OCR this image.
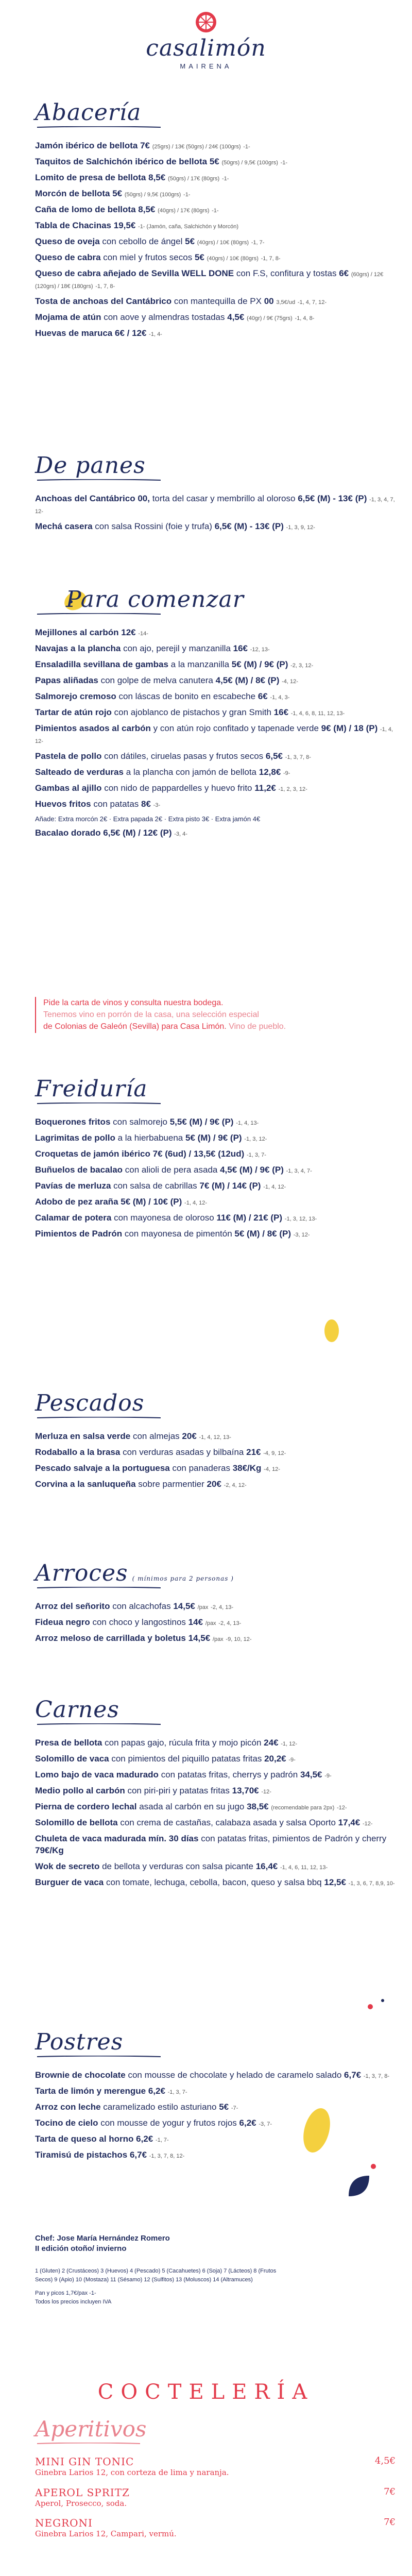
casalimón
MAIRENA
Abacería
Jamón ibérico de bellota 7€ (25grs) / 13€ (50grs) / 24€ (100grs) -1-
Taquitos de Salchichón ibérico de bellota 5€ (50grs) / 9,5€ (100grs) -1-
Lomito de presa de bellota 8,5€ (50grs) / 17€ (80grs) -1-
Morcón de bellota 5€ (50grs) / 9,5€ (100grs) -1-
Caña de lomo de bellota 8,5€ (40grs) / 17€ (80grs) -1-
Tabla de Chacinas 19,5€ -1- (Jamón, caña, Salchichón y Morcón)
Queso de oveja con cebollo de ángel 5€ (40grs) / 10€ (80grs) -1, 7-
Queso de cabra con miel y frutos secos 5€ (40grs) / 10€ (80grs) -1, 7, 8-
Queso de cabra añejado de Sevilla WELL DONE con F.S, confitura y tostas 6€ (60grs) / 12€ (120grs) / 18€ (180grs) -1, 7, 8-
Tosta de anchoas del Cantábrico con mantequilla de PX 00 3,5€/ud -1, 4, 7, 12-
Mojama de atún con aove y almendras tostadas 4,5€ (40gr) / 9€ (75grs) -1, 4, 8-
Huevas de maruca 6€ / 12€ -1, 4-
De panes
Anchoas del Cantábrico 00, torta del casar y membrillo al oloroso 6,5€ (M) - 13€ (P) -1, 3, 4, 7, 12-
Mechá casera con salsa Rossini (foie y trufa) 6,5€ (M) - 13€ (P) -1, 3, 9, 12-
Para comenzar
Mejillones al carbón 12€ -14-
Navajas a la plancha con ajo, perejil y manzanilla 16€ -12, 13-
Ensaladilla sevillana de gambas a la manzanilla 5€ (M) / 9€ (P) -2, 3, 12-
Papas aliñadas con golpe de melva canutera 4,5€ (M) / 8€ (P) -4, 12-
Salmorejo cremoso con láscas de bonito en escabeche 6€ -1, 4, 3-
Tartar de atún rojo con ajoblanco de pistachos y gran Smith 16€ -1, 4, 6, 8, 11, 12, 13-
Pimientos asados al carbón y con atún rojo confitado y tapenade verde 9€ (M) / 18 (P) -1, 4, 12-
Pastela de pollo con dátiles, ciruelas pasas y frutos secos 6,5€ -1, 3, 7, 8-
Salteado de verduras a la plancha con jamón de bellota 12,8€ -9-
Gambas al ajillo con nido de pappardelles y huevo frito 11,2€ -1, 2, 3, 12-
Huevos fritos con patatas 8€ -3-
Añade: Extra morcón 2€ · Extra papada 2€ · Extra pisto 3€ · Extra jamón 4€
Bacalao dorado 6,5€ (M) / 12€ (P) -3, 4-

Pide la carta de vinos y consulta nuestra bodega.

Tenemos vino en porrón de la casa, una selección especial

de Colonias de Galeón (Sevilla) para Casa Limón. Vino de pueblo.

Freiduría
Boquerones fritos con salmorejo 5,5€ (M) / 9€ (P) -1, 4, 13-
Lagrimitas de pollo a la hierbabuena 5€ (M) / 9€ (P) -1, 3, 12-
Croquetas de jamón ibérico 7€ (6ud) / 13,5€ (12ud) -1, 3, 7-
Buñuelos de bacalao con alioli de pera asada 4,5€ (M) / 9€ (P) -1, 3, 4, 7-
Pavías de merluza con salsa de cabrillas 7€ (M) / 14€ (P) -1, 4, 12-
Adobo de pez araña 5€ (M) / 10€ (P) -1, 4, 12-
Calamar de potera con mayonesa de oloroso 11€ (M) / 21€ (P) -1, 3, 12, 13-
Pimientos de Padrón con mayonesa de pimentón 5€ (M) / 8€ (P) -3, 12-
Pescados
Merluza en salsa verde con almejas 20€ -1, 4, 12, 13-
Rodaballo a la brasa con verduras asadas y bilbaína 21€ -4, 9, 12-
Pescado salvaje a la portuguesa con panaderas 38€/Kg -4, 12-
Corvina a la sanluqueña sobre parmentier 20€ -2, 4, 12-
Arroces ( mínimos para 2 personas )
Arroz del señorito con alcachofas 14,5€ /pax -2, 4, 13-
Fideua negro con choco y langostinos 14€ /pax -2, 4, 13-
Arroz meloso de carrillada y boletus 14,5€ /pax -9, 10, 12-
Carnes
Presa de bellota con papas gajo, rúcula frita y mojo picón 24€ -1, 12-
Solomillo de vaca con pimientos del piquillo patatas fritas 20,2€ -9-
Lomo bajo de vaca madurado con patatas fritas, cherrys y padrón 34,5€ -9-
Medio pollo al carbón con piri-piri y patatas fritas 13,70€ -12-
Pierna de cordero lechal asada al carbón en su jugo 38,5€ (recomendable para 2px) -12-
Solomillo de bellota con crema de castañas, calabaza asada y salsa Oporto 17,4€ -12-
Chuleta de vaca madurada mín. 30 días con patatas fritas, pimientos de Padrón y cherry 79€/Kg
Wok de secreto de bellota y verduras con salsa picante 16,4€ -1, 4, 6, 11, 12, 13-
Burguer de vaca con tomate, lechuga, cebolla, bacon, queso y salsa bbq 12,5€ -1, 3, 6, 7, 8,9, 10-
Postres
Brownie de chocolate con mousse de chocolate y helado de caramelo salado 6,7€ -1, 3, 7, 8-
Tarta de limón y merengue 6,2€ -1, 3, 7-
Arroz con leche caramelizado estilo asturiano 5€ -7-
Tocino de cielo con mousse de yogur y frutos rojos 6,2€ -3, 7-
Tarta de queso al horno 6,2€ -1, 7-
Tiramisú de pistachos 6,7€ -1, 3, 7, 8, 12-
Chef: Jose María Hernández Romero
II edición otoño/ invierno
1 (Gluten) 2 (Crustáceos) 3 (Huevos) 4 (Pescado) 5 (Cacahuetes) 6 (Soja) 7 (Lácteos) 8 (Frutos Secos) 9 (Apio) 10 (Mostaza) 11 (Sésamo) 12 (Sulfitos) 13 (Moluscos) 14 (Altramuces)
Pan y picos 1,7€/pax -1-
Todos los precios incluyen IVA
COCTELERÍA
Aperitivos
MINI GIN TONIC	4,5€
Ginebra Larios 12, con corteza de lima y naranja.
APEROL SPRITZ	7€
Aperol, Prosecco, soda.
NEGRONI	7€
Ginebra Larios 12, Campari, vermú.
